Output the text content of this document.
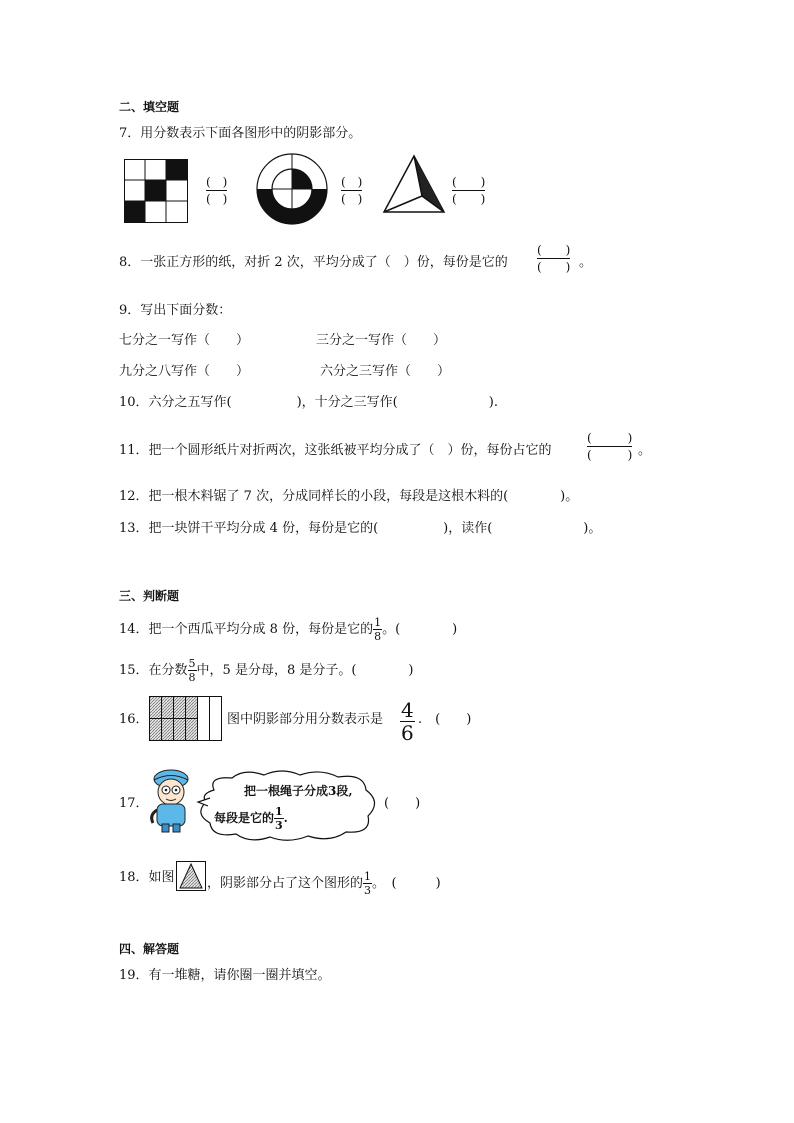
二、填空题
7．用分数表示下面各图形中的阴影部分。
(　)
(　)
(　)
(　)
(　　)
(　　)
8．一张正方形的纸，对折 2 次，平均分成了（　）份，每份是它的
(　　)
(　　) 。
9．写出下面分数：
七分之一写作（　　）	三分之一写作（　　）
九分之八写作（　　）	六分之三写作（　　）
10．六分之五写作(　　　　　)，十分之三写作(　　　　　　　).
11．把一个圆形纸片对折两次，这张纸被平均分成了（　）份，每份占它的
(　　　)
(　　　) 。
12．把一根木料锯了 7 次，分成同样长的小段，每段是这根木料的(　　　　)。
13．把一块饼干平均分成 4 份，每份是它的(　　　　　)，读作(　　　　　　　)。
三、判断题
14．把一个西瓜平均分成 8 份，每份是它的 $\frac{1}{8}$ 。(　　　　)
15．在分数 $\frac{5}{8}$ 中，5 是分母，8 是分子。(　　　　)
16．	图中阴影部分用分数表示是 $\frac{4}{6}$ .　(　　)
17．
把一根绳子分成3段,
每段是它的 $\frac{1}{3}$ .
(　　)
18．如图 ，阴影部分占了这个图形的 $\frac{1}{3}$ 。　(　　　)
四、解答题
19．有一堆糖，请你圈一圈并填空。
